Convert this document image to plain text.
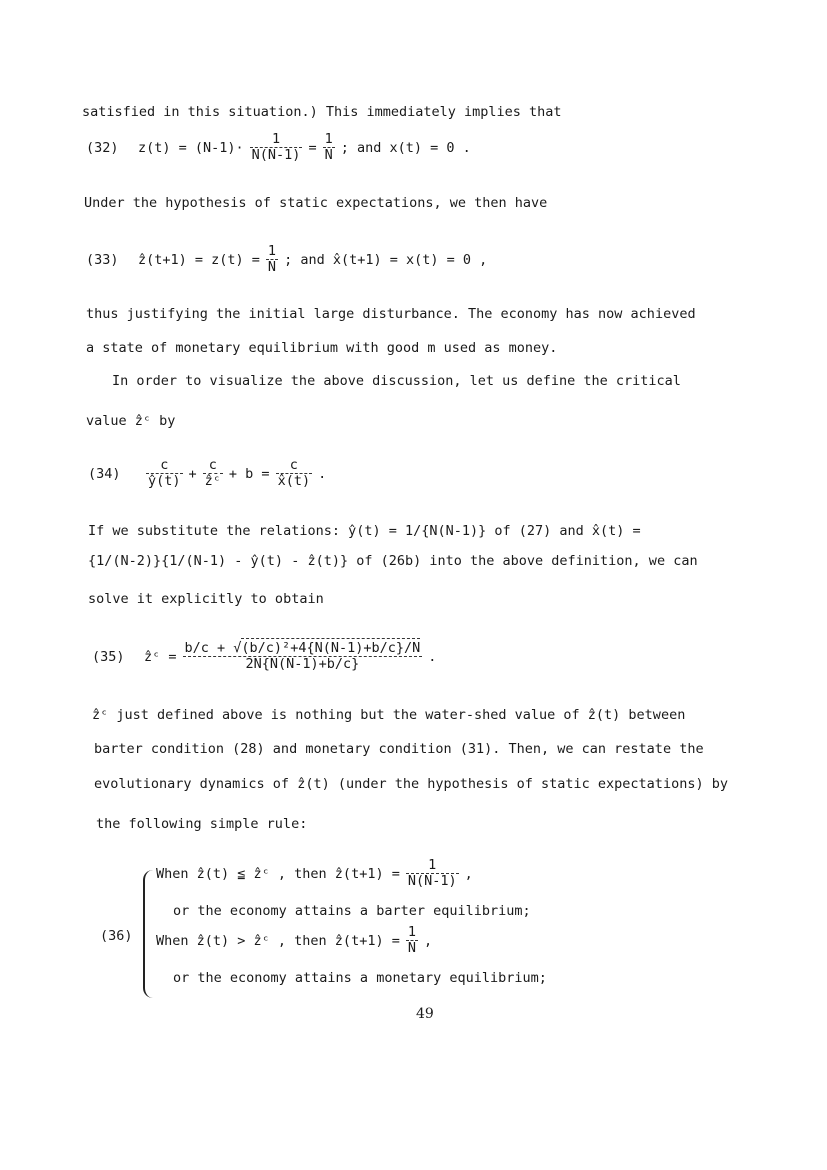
satisfied in this situation.) This immediately implies that
(32)	$z(t) = (N-1)\cdot \frac{1}{N(N-1)} = \frac{1}{N}$ ; and x(t) = 0 .
Under the hypothesis of static expectations, we then have
(33)	ẑ(t+1) = $z(t) = \frac{1}{N}$ ; and x̂(t+1) = x(t) = 0 ,
thus justifying the initial large disturbance. The economy has now achieved
a state of monetary equilibrium with good m used as money.
In order to visualize the above discussion, let us define the critical
value ẑᶜ by
(34)	$\frac{c}{ŷ(t)} + \frac{c}{\text{ẑᶜ}} + b = \frac{c}{x̂(t)}$ .
If we substitute the relations: ŷ(t) = 1/{N(N-1)} of (27) and x̂(t) =
{1/(N-2)}{1/(N-1) - ŷ(t) - ẑ(t)} of (26b) into the above definition, we can
solve it explicitly to obtain
(35)	ẑᶜ = $\frac{\text{b/c + √(b/c)²+4\{N(N-1)+b/c\}/N}}{2N\{N(N-1)+b/c\}}$ .
ẑᶜ just defined above is nothing but the water-shed value of ẑ(t) between
barter condition (28) and monetary condition (31). Then, we can restate the
evolutionary dynamics of ẑ(t) (under the hypothesis of static expectations) by
the following simple rule:
(36)
When ẑ(t) ≦ ẑᶜ , then ẑ(t+1) = $\frac{1}{N(N-1)}$ ,
or the economy attains a barter equilibrium;
When ẑ(t) > ẑᶜ , then ẑ(t+1) = $\frac{1}{N}$ ,
or the economy attains a monetary equilibrium;
49
